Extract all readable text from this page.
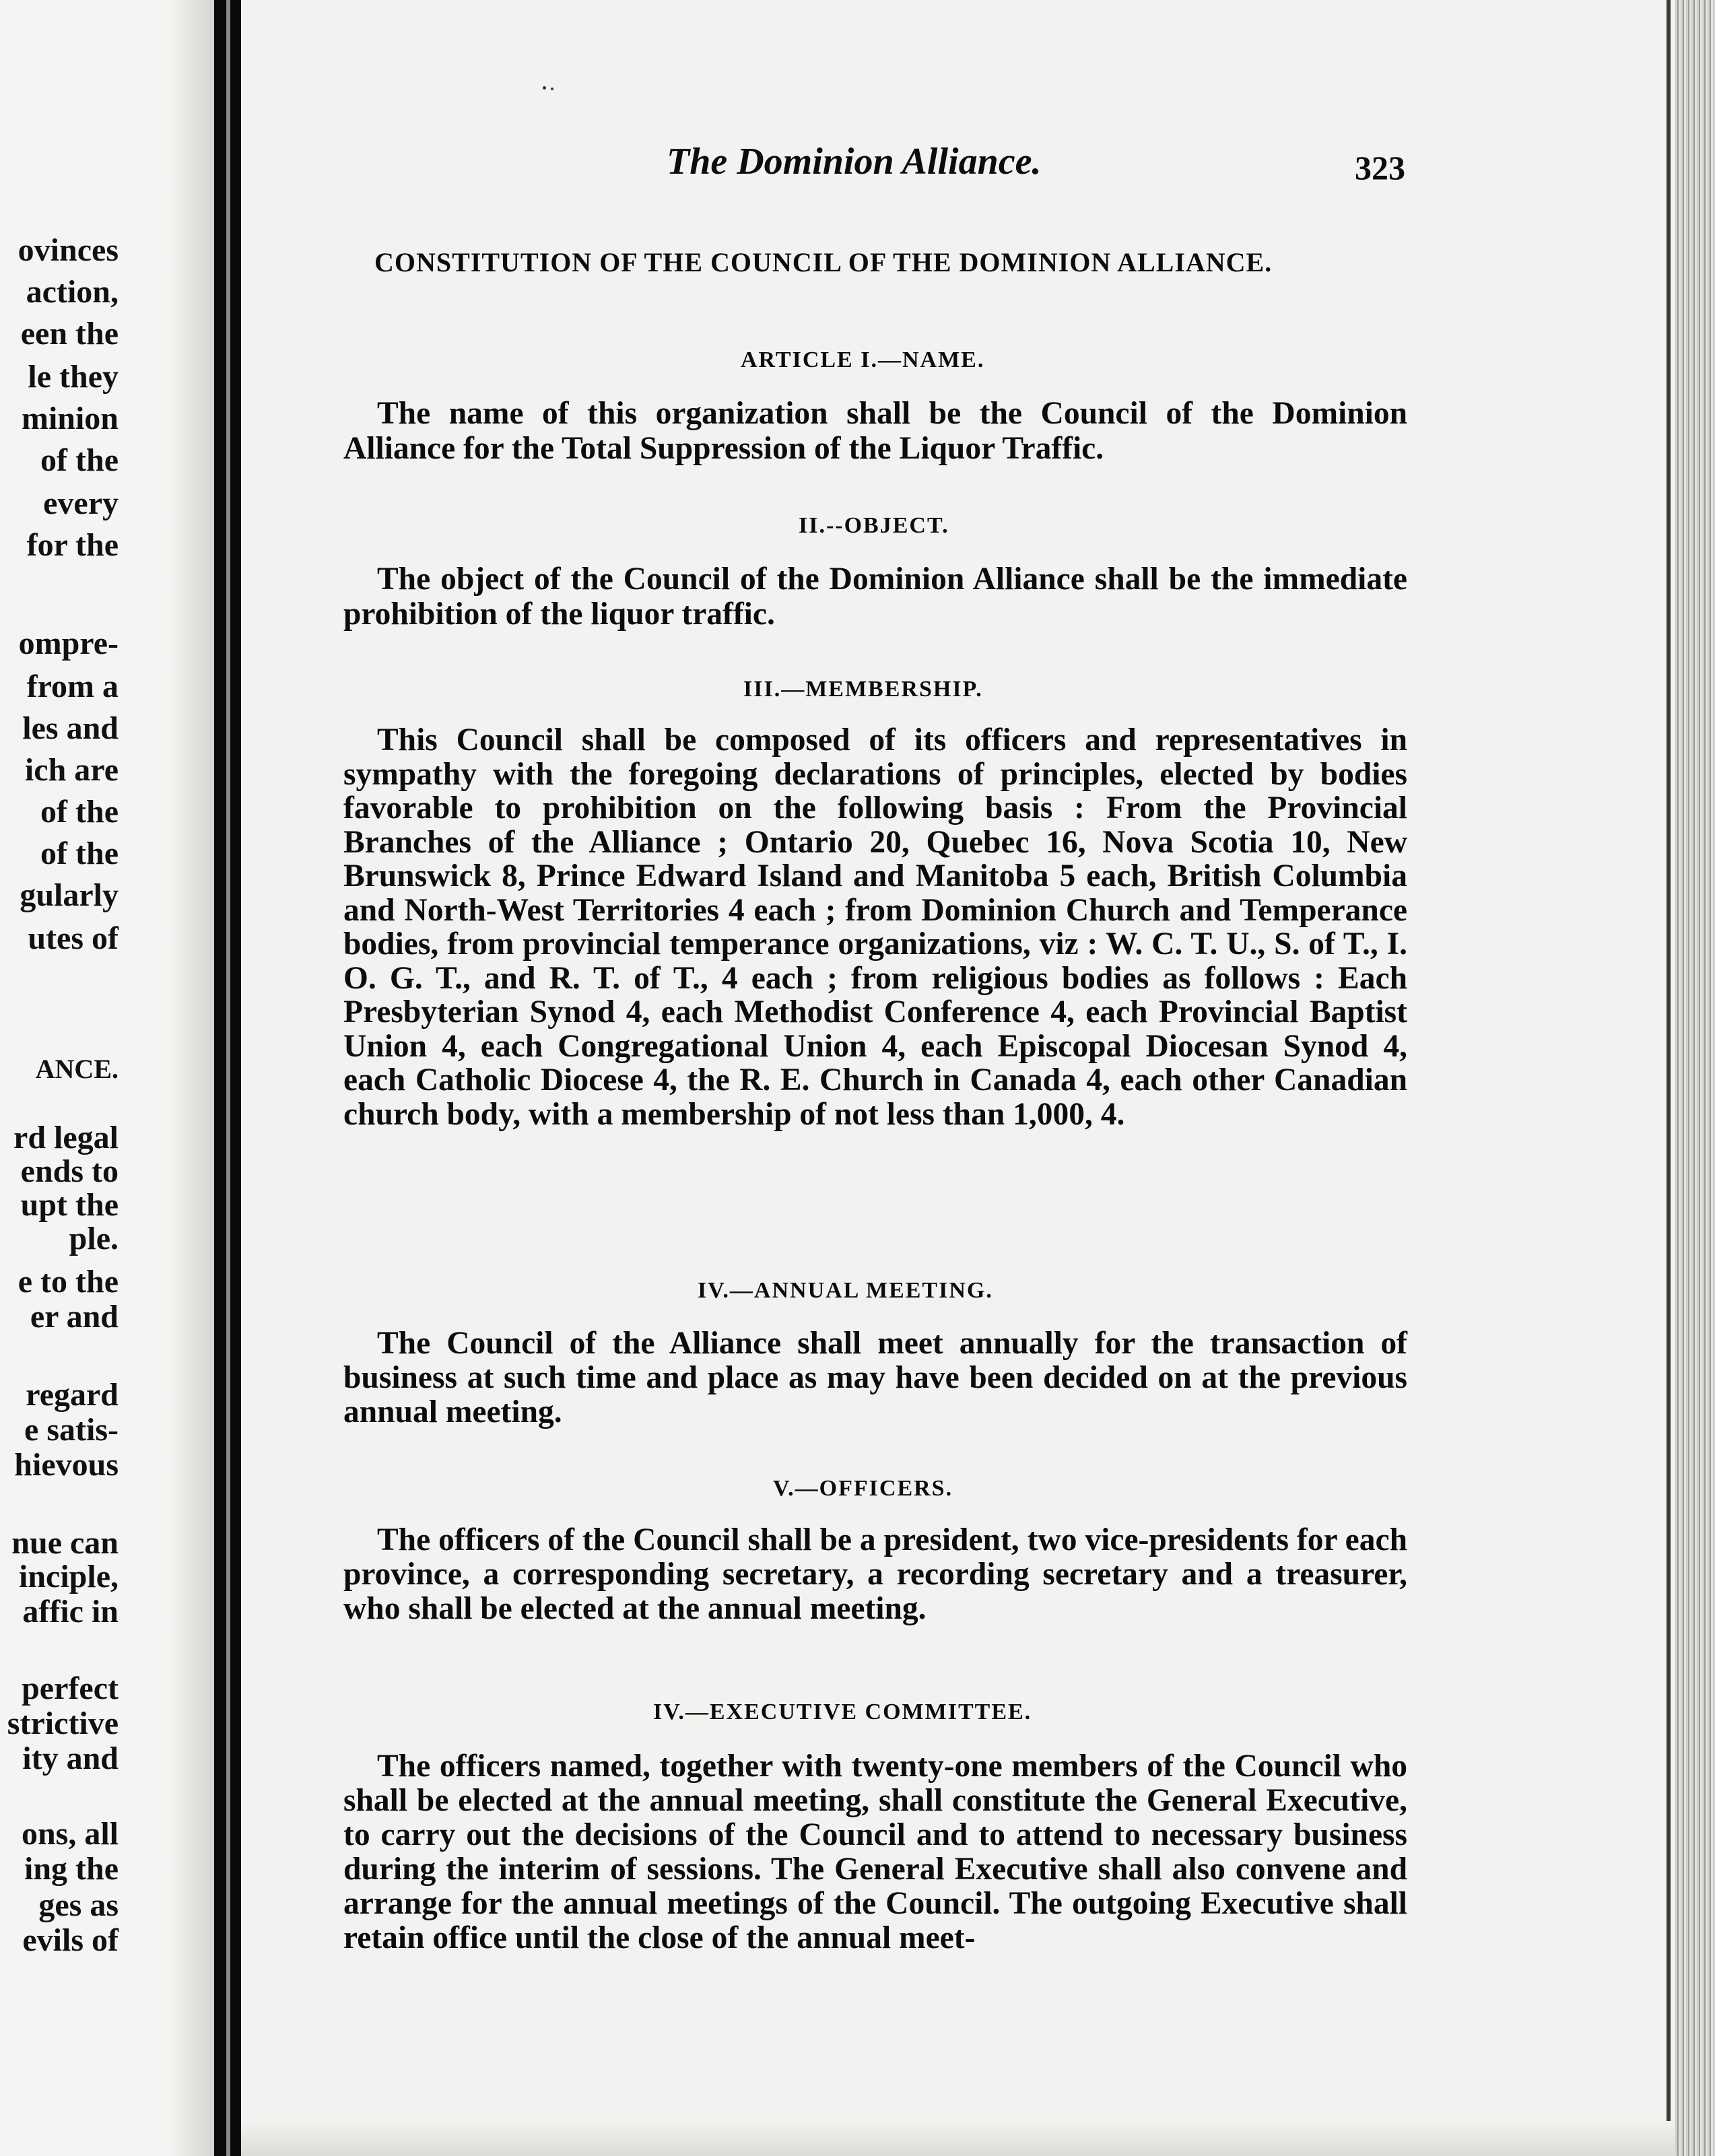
ovinces
action,
een the
le they
minion
of the
every
for the
ompre-
from a
les and
ich are
of the
of the
gularly
utes of
ANCE.
rd legal
ends to
upt the
ple.
e to the
er and
regard
e satis-
hievous
nue can
inciple,
affic in
perfect
strictive
ity and
ons, all
ing the
ges as
evils of
The Dominion Alliance.	323
CONSTITUTION OF THE COUNCIL OF THE DOMINION ALLIANCE.
ARTICLE I.—NAME.
The name of this organization shall be the Council of the Dominion Alliance for the Total Suppression of the Liquor Traffic.
II.--OBJECT.
The object of the Council of the Dominion Alliance shall be the immediate prohibition of the liquor traffic.
III.—MEMBERSHIP.
This Council shall be composed of its officers and representatives in sympathy with the foregoing declarations of principles, elected by bodies favorable to prohibition on the following basis : From the Provincial Branches of the Alliance ; Ontario 20, Quebec 16, Nova Scotia 10, New Brunswick 8, Prince Edward Island and Manitoba 5 each, British Columbia and North-West Territories 4 each ; from Dominion Church and Temperance bodies, from provincial temperance organizations, viz : W. C. T. U., S. of T., I. O. G. T., and R. T. of T., 4 each ; from religious bodies as follows : Each Presbyterian Synod 4, each Methodist Conference 4, each Provincial Baptist Union 4, each Congregational Union 4, each Episcopal Diocesan Synod 4, each Catholic Diocese 4, the R. E. Church in Canada 4, each other Canadian church body, with a membership of not less than 1,000, 4.
IV.—ANNUAL MEETING.
The Council of the Alliance shall meet annually for the transaction of business at such time and place as may have been decided on at the previous annual meeting.
V.—OFFICERS.
The officers of the Council shall be a president, two vice-presidents for each province, a corresponding secretary, a recording secretary and a treasurer, who shall be elected at the annual meeting.
IV.—EXECUTIVE COMMITTEE.
The officers named, together with twenty-one members of the Council who shall be elected at the annual meeting, shall constitute the General Executive, to carry out the decisions of the Council and to attend to necessary business during the interim of sessions. The General Executive shall also convene and arrange for the annual meetings of the Council. The outgoing Executive shall retain office until the close of the annual meet-
